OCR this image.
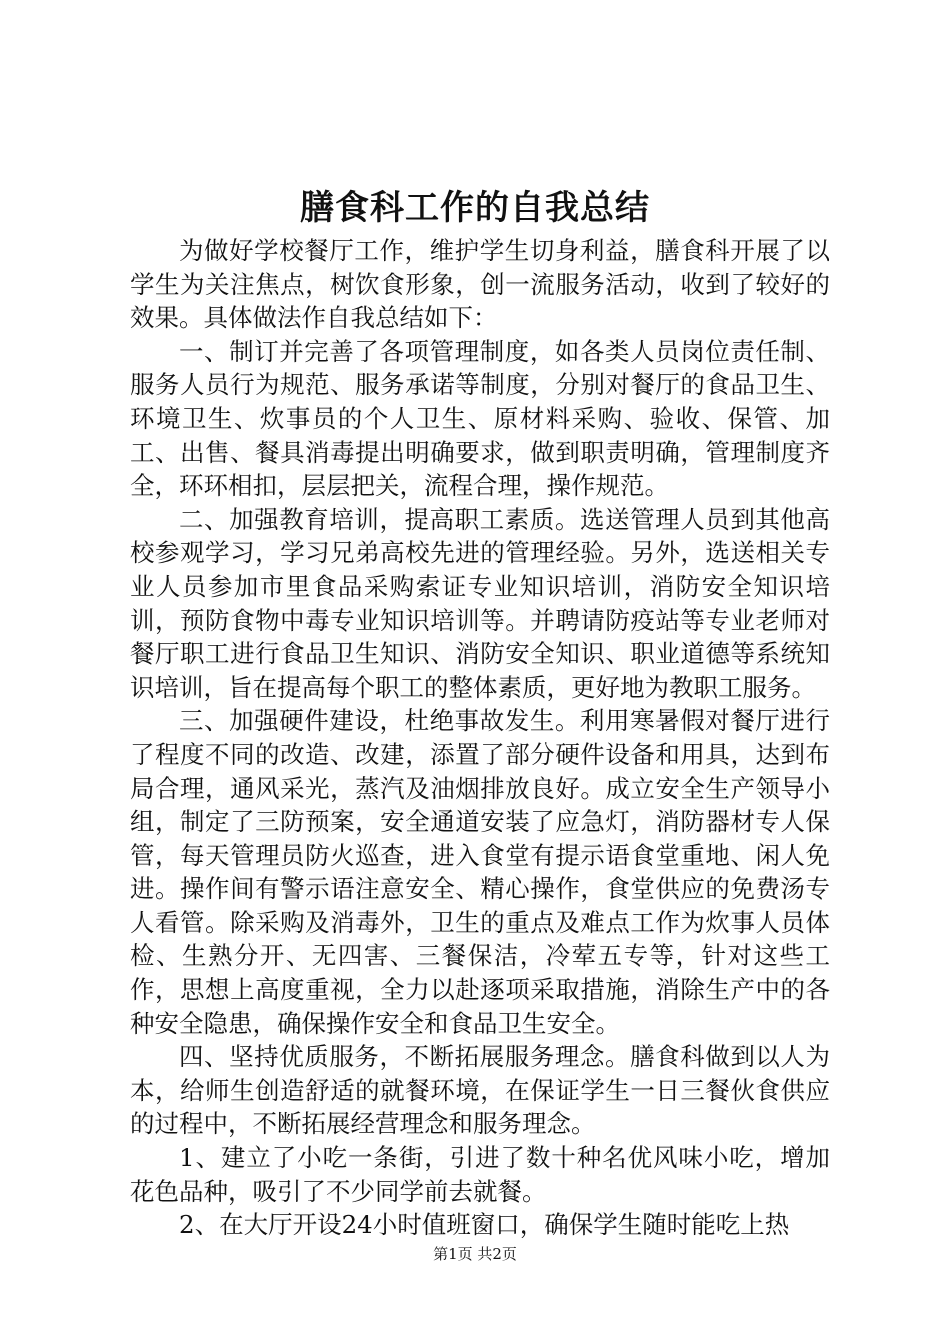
膳食科工作的自我总结

为做好学校餐厅工作，维护学生切身利益，膳食科开展了以学生为关注焦点，树饮食形象，创一流服务活动，收到了较好的效果。具体做法作自我总结如下：

一、制订并完善了各项管理制度，如各类人员岗位责任制、服务人员行为规范、服务承诺等制度，分别对餐厅的食品卫生、环境卫生、炊事员的个人卫生、原材料采购、验收、保管、加工、出售、餐具消毒提出明确要求，做到职责明确，管理制度齐全，环环相扣，层层把关，流程合理，操作规范。

二、加强教育培训，提高职工素质。选送管理人员到其他高校参观学习，学习兄弟高校先进的管理经验。另外，选送相关专业人员参加市里食品采购索证专业知识培训，消防安全知识培训，预防食物中毒专业知识培训等。并聘请防疫站等专业老师对餐厅职工进行食品卫生知识、消防安全知识、职业道德等系统知识培训，旨在提高每个职工的整体素质，更好地为教职工服务。

三、加强硬件建设，杜绝事故发生。利用寒暑假对餐厅进行了程度不同的改造、改建，添置了部分硬件设备和用具，达到布局合理，通风采光，蒸汽及油烟排放良好。成立安全生产领导小组，制定了三防预案，安全通道安装了应急灯，消防器材专人保管，每天管理员防火巡查，进入食堂有提示语食堂重地、闲人免进。操作间有警示语注意安全、精心操作，食堂供应的免费汤专人看管。除采购及消毒外，卫生的重点及难点工作为炊事人员体检、生熟分开、无四害、三餐保洁，冷荤五专等，针对这些工作，思想上高度重视，全力以赴逐项采取措施，消除生产中的各种安全隐患，确保操作安全和食品卫生安全。

四、坚持优质服务，不断拓展服务理念。膳食科做到以人为本，给师生创造舒适的就餐环境，在保证学生一日三餐伙食供应的过程中，不断拓展经营理念和服务理念。

1、建立了小吃一条街，引进了数十种名优风味小吃，增加花色品种，吸引了不少同学前去就餐。

2、在大厅开设24小时值班窗口，确保学生随时能吃上热

第1页 共2页
